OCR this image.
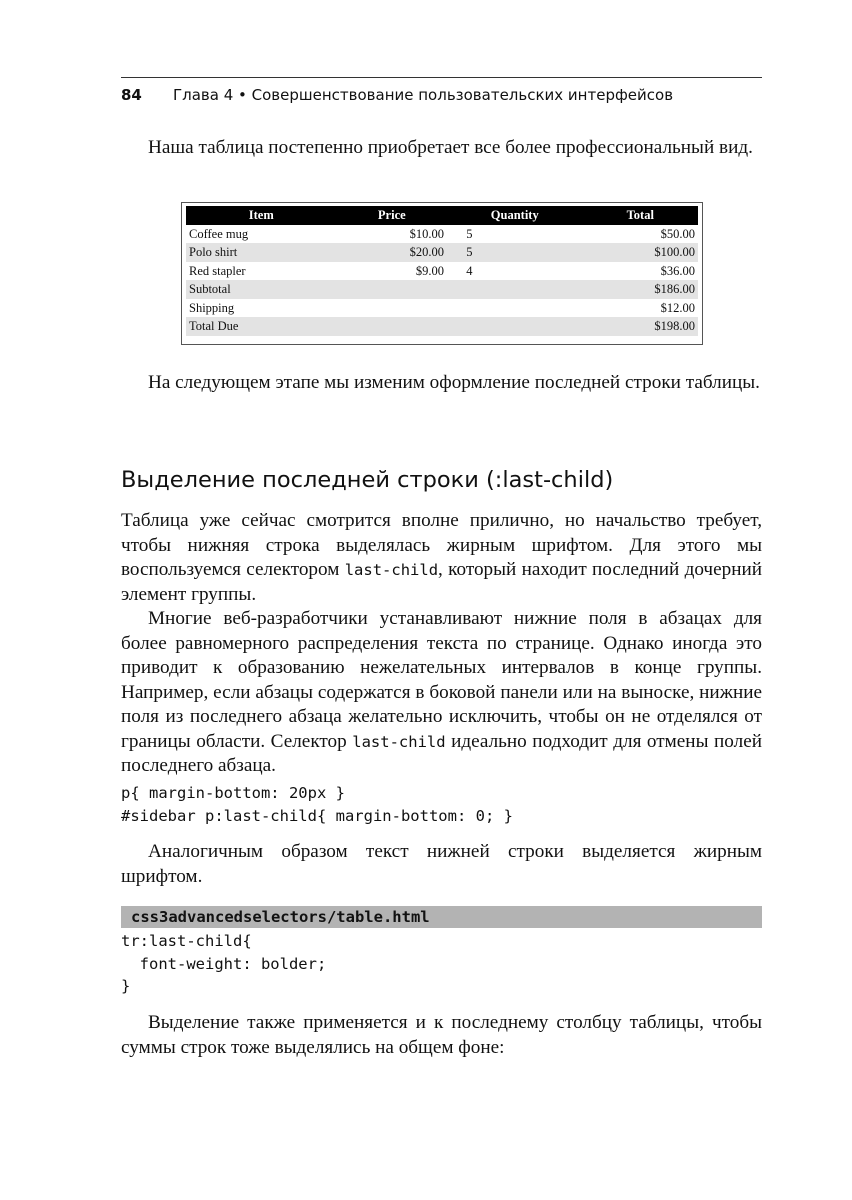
84 Глава 4 • Совершенствование пользовательских интерфейсов

Наша таблица постепенно приобретает все более профессиональный вид.

Item	Price	Quantity	Total
Coffee mug	$10.00	5	$50.00
Polo shirt	$20.00	5	$100.00
Red stapler	$9.00	4	$36.00
Subtotal			$186.00
Shipping			$12.00
Total Due			$198.00

На следующем этапе мы изменим оформление последней строки таблицы.

Выделение последней строки (:last-child)

Таблица уже сейчас смотрится вполне прилично, но начальство требует, чтобы нижняя строка выделялась жирным шрифтом. Для этого мы воспользуемся селектором last-child, который находит последний дочерний элемент группы.

Многие веб-разработчики устанавливают нижние поля в абзацах для более равномерного распределения текста по странице. Однако иногда это приводит к образованию нежелательных интервалов в конце группы. Например, если абзацы содержатся в боковой панели или на выноске, нижние поля из последнего абзаца желательно исключить, чтобы он не отделялся от границы области. Селектор last-child идеально подходит для отмены полей последнего абзаца.

p{ margin-bottom: 20px }
#sidebar p:last-child{ margin-bottom: 0; }

Аналогичным образом текст нижней строки выделяется жирным шрифтом.

css3advancedselectors/table.html
tr:last-child{
font-weight: bolder;
}

Выделение также применяется и к последнему столбцу таблицы, чтобы суммы строк тоже выделялись на общем фоне:
